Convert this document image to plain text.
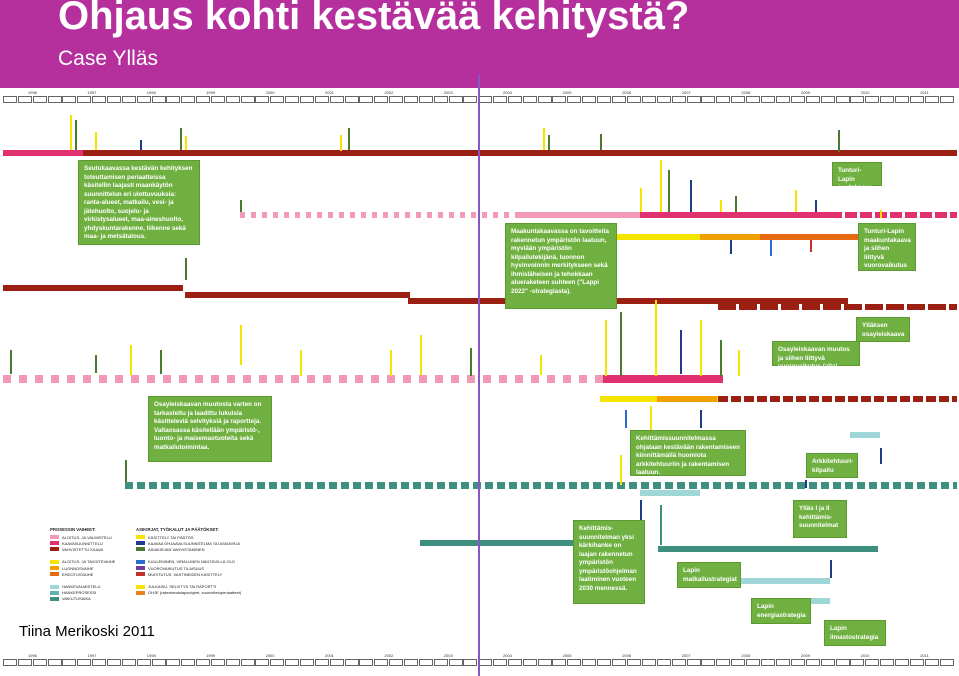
Ohjaus kohti kestävää kehitystä?
Case Ylläs
1996	1997	1998	1999	2000	2001	2002	2003	2004	2005	2006	2007	2008	2009	2010	2011
1996	1997	1998	1999	2000	2001	2002	2003	2004	2005	2006	2007	2008	2009	2010	2011
Seutukaavassa kestävän kehityksen toteuttamisen periaatteissa käsitellin laajasti maankäytön suunnittelun eri ulottuvuuksia: ranta-alueet, matkailu, vesi- ja jätehuolto, suojelu- ja virkistysalueet, maa-aineshuolto, yhdyskuntarakenne, liikenne sekä maa- ja metsätalous.
Maakuntakaavassa on tavoitteita rakennetun ympäristön laatuun, myviään ympäristön kilpailutekijänä, luonnon hyvinvoinnin merkitykseen sekä ihmisläheisen ja tehokkaan alueraketeen suhteen ("Lappi 2022" -strategiasta).
Tunturi-Lapin seutukaava
Tunturi-Lapin maakuntakaava ja siihen liittyvä vuorovaikutus
Ylläksen osayleiskaava
Osayleiskaavan muutos ja siihen liittyvä vuorovaikutus (alla)
Osayleiskaavan muutosta varten on tarkasteltu ja laadittu lukuisia käsitteleviä selvityksiä ja raportteja. Valtaosassa käsitellään ympäristö-, luonto- ja maisemaotuoteita sekä matkailutoimintaa.
Kehittämissuunnitelmassa ohjataan kestävään rakentamiseen kiinnittämällä huomiota arkkitehtuuriin ja rakentamisen laatuun.
Arkkitehtuuri-kilpailu
Kehittämis-suunnitelman yksi kärkihanke on laajan rakennetun ympäristön ympäristöohjelman laatiminen vuoteen 2030 mennessä.
Ylläs I ja II kehittämis-suunnitelmat
Lapin matkailustrategiat
Lapin energiastrategia
Lapin ilmastostrategia
PROSESSIN VAIHEET:
ALOITUS- JA VALMISTELU
KAAVASUUNNITTELU
VAHVISTETTU KAAVA
ALOITUS- JA TAVOITEVAIHE
LUONNOSVAIHE
EHDOTUSVAIHE
HANKEVALMISTELU
HANKEPROSESSI
VAIKUTUSAIKA
ASIKIRJAT, TYÖKALUT JA PÄÄTÖKSET:
KÄSITTELY TAI PÄÄTÖS
KAAVAA OHJAAVA SUUNNITELMA TAI ASIAKIRJA
ASIAKIRJAN VAHVISTAMINEN
KUULEMINEN, VIRALLINEN NÄHTÄVILLÄ OLO
VUOROVAIKUTUS TILAISUUS
MUISTUTUS, VASTINEIDEN KÄSITTELY
JULKAISU, SELVITYS TAI RAPORTTI
OHJE (rakentamistapaohjeet, suunnitteluperiaatteet)
Tiina Merikoski 2011
